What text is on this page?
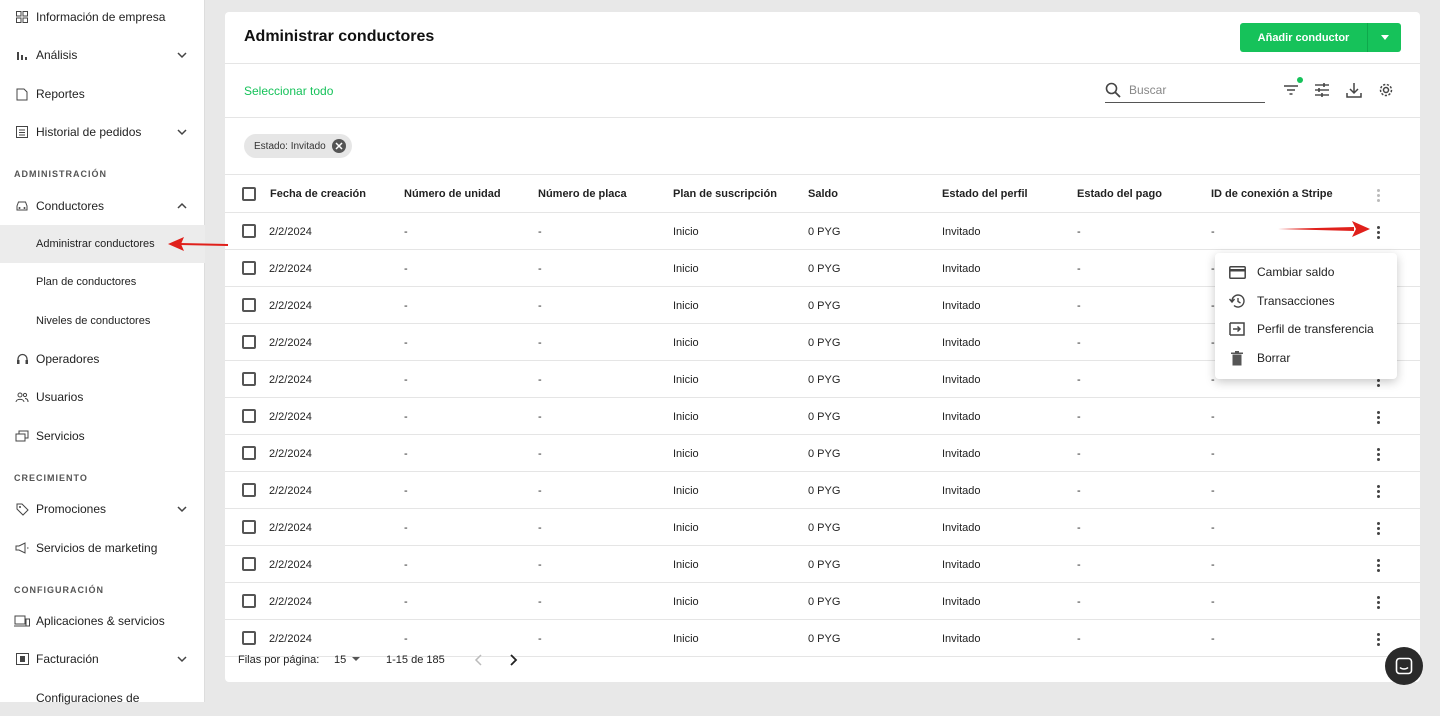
Información de empresa
Análisis
Reportes
Historial de pedidos
ADMINISTRACIÓN
Conductores
Administrar conductores
Plan de conductores
Niveles de conductores
Operadores
Usuarios
Servicios
CRECIMIENTO
Promociones
Servicios de marketing
CONFIGURACIÓN
Aplicaciones & servicios
Facturación
Configuraciones de
Administrar conductores	Añadir conductor
Seleccionar todo
Buscar
Estado: Invitado
Fecha de creación	Número de unidad	Número de placa	Plan de suscripción	Saldo	Estado del perfil	Estado del pago	ID de conexión a Stripe
2/2/2024	-	-	Inicio	0 PYG	Invitado	-	-
2/2/2024	-	-	Inicio	0 PYG	Invitado	-	-
2/2/2024	-	-	Inicio	0 PYG	Invitado	-	-
2/2/2024	-	-	Inicio	0 PYG	Invitado	-	-
2/2/2024	-	-	Inicio	0 PYG	Invitado	-	-
2/2/2024	-	-	Inicio	0 PYG	Invitado	-	-
2/2/2024	-	-	Inicio	0 PYG	Invitado	-	-
2/2/2024	-	-	Inicio	0 PYG	Invitado	-	-
2/2/2024	-	-	Inicio	0 PYG	Invitado	-	-
2/2/2024	-	-	Inicio	0 PYG	Invitado	-	-
2/2/2024	-	-	Inicio	0 PYG	Invitado	-	-
2/2/2024	-	-	Inicio	0 PYG	Invitado	-	-
Filas por página: 15	1-15 de 185
Cambiar saldo
Transacciones
Perfil de transferencia
Borrar
